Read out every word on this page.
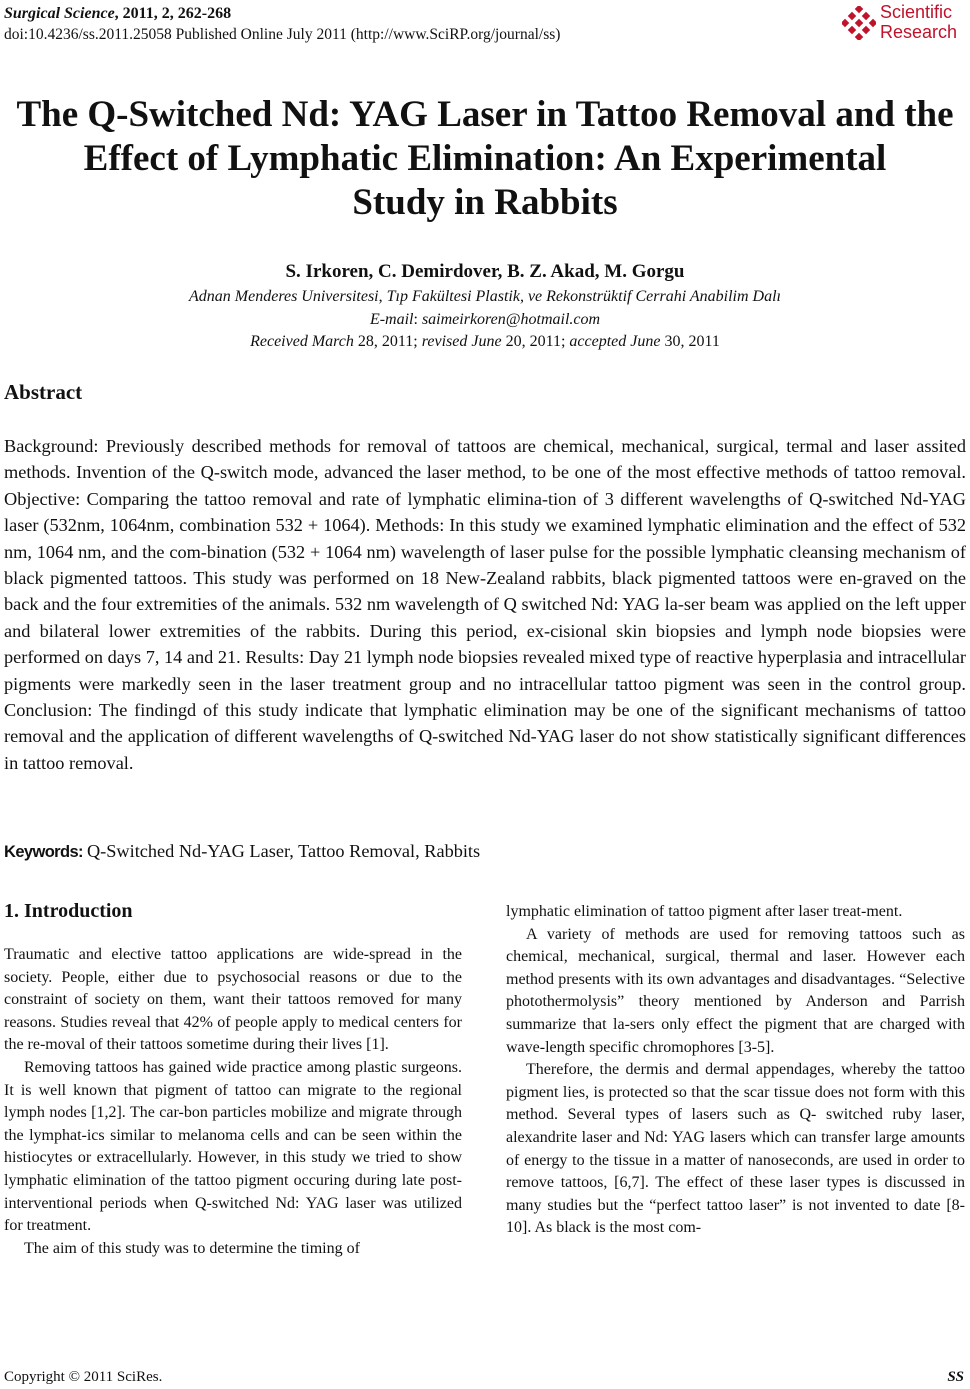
Surgical Science, 2011, 2, 262-268
doi:10.4236/ss.2011.25058 Published Online July 2011 (http://www.SciRP.org/journal/ss)
Scientific
Research
The Q-Switched Nd: YAG Laser in Tattoo Removal and the
Effect of Lymphatic Elimination: An Experimental
Study in Rabbits
S. Irkoren, C. Demirdover, B. Z. Akad, M. Gorgu
Adnan Menderes Universitesi, Tıp Fakültesi Plastik, ve Rekonstrüktif Cerrahi Anabilim Dalı
E-mail: saimeirkoren@hotmail.com
Received March 28, 2011; revised June 20, 2011; accepted June 30, 2011
Abstract

Background: Previously described methods for removal of tattoos are chemical, mechanical, surgical, termal and laser assited methods. Invention of the Q-switch mode, advanced the laser method, to be one of the most effective methods of tattoo removal. Objective: Comparing the tattoo removal and rate of lymphatic elimina-tion of 3 different wavelengths of Q-switched Nd-YAG laser (532nm, 1064nm, combination 532 + 1064). Methods: In this study we examined lymphatic elimination and the effect of 532 nm, 1064 nm, and the com-bination (532 + 1064 nm) wavelength of laser pulse for the possible lymphatic cleansing mechanism of black pigmented tattoos. This study was performed on 18 New-Zealand rabbits, black pigmented tattoos were en-graved on the back and the four extremities of the animals. 532 nm wavelength of Q switched Nd: YAG la-ser beam was applied on the left upper and bilateral lower extremities of the rabbits. During this period, ex-cisional skin biopsies and lymph node biopsies were performed on days 7, 14 and 21. Results: Day 21 lymph node biopsies revealed mixed type of reactive hyperplasia and intracellular pigments were markedly seen in the laser treatment group and no intracellular tattoo pigment was seen in the control group. Conclusion: The findingd of this study indicate that lymphatic elimination may be one of the significant mechanisms of tattoo removal and the application of different wavelengths of Q-switched Nd-YAG laser do not show statistically significant differences in tattoo removal.

Keywords: Q-Switched Nd-YAG Laser, Tattoo Removal, Rabbits
1. Introduction

Traumatic and elective tattoo applications are wide-spread in the society. People, either due to psychosocial reasons or due to the constraint of society on them, want their tattoos removed for many reasons. Studies reveal that 42% of people apply to medical centers for the re-moval of their tattoos sometime during their lives [1].

Removing tattoos has gained wide practice among plastic surgeons. It is well known that pigment of tattoo can migrate to the regional lymph nodes [1,2]. The car-bon particles mobilize and migrate through the lymphat-ics similar to melanoma cells and can be seen within the histiocytes or extracellularly. However, in this study we tried to show lymphatic elimination of the tattoo pigment occuring during late post-interventional periods when Q-switched Nd: YAG laser was utilized for treatment.

The aim of this study was to determine the timing of

lymphatic elimination of tattoo pigment after laser treat-ment.

A variety of methods are used for removing tattoos such as chemical, mechanical, surgical, thermal and laser. However each method presents with its own advantages and disadvantages. “Selective photothermolysis” theory mentioned by Anderson and Parrish summarize that la-sers only effect the pigment that are charged with wave-length specific chromophores [3-5].

Therefore, the dermis and dermal appendages, whereby the tattoo pigment lies, is protected so that the scar tissue does not form with this method. Several types of lasers such as Q- switched ruby laser, alexandrite laser and Nd: YAG lasers which can transfer large amounts of energy to the tissue in a matter of nanoseconds, are used in order to remove tattoos, [6,7]. The effect of these laser types is discussed in many studies but the “perfect tattoo laser” is not invented to date [8-10]. As black is the most com-

Copyright © 2011 SciRes.	SS
